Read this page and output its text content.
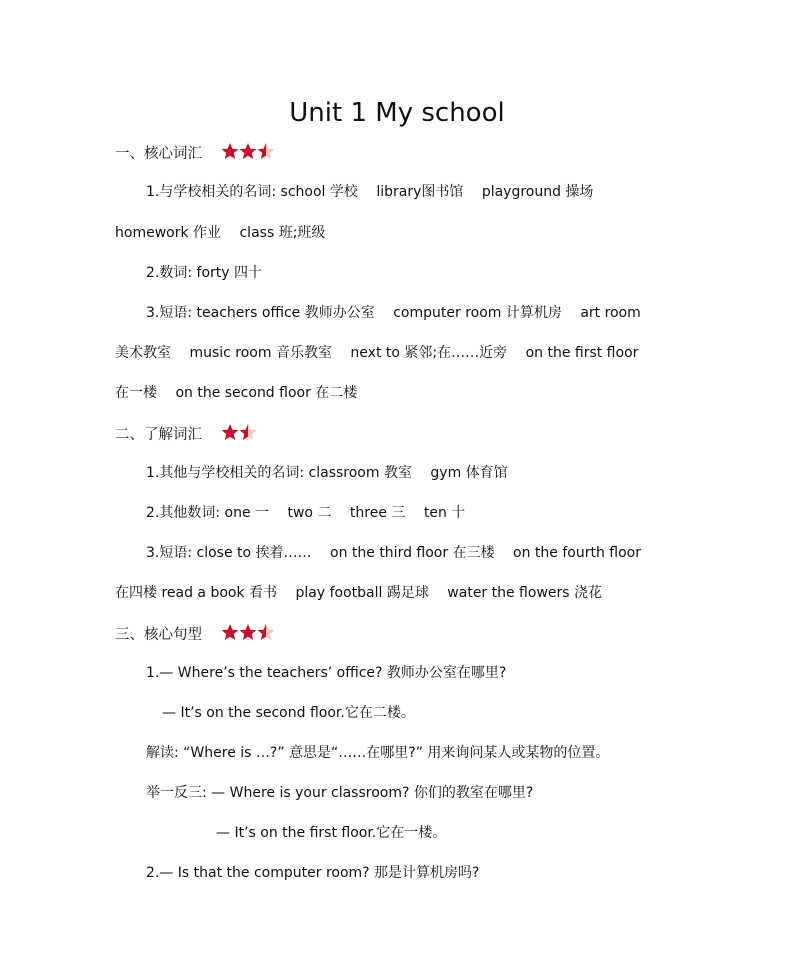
Unit 1 My school
一、核心词汇
1.与学校相关的名词: school 学校 library图书馆 playground 操场
homework 作业 class 班;班级
2.数词: forty 四十
3.短语: teachers office 教师办公室 computer room 计算机房 art room
美术教室 music room 音乐教室 next to 紧邻;在……近旁 on the first floor
在一楼 on the second floor 在二楼
二、了解词汇
1.其他与学校相关的名词: classroom 教室 gym 体育馆
2.其他数词: one 一 two 二 three 三 ten 十
3.短语: close to 挨着…… on the third floor 在三楼 on the fourth floor
在四楼 read a book 看书 play football 踢足球 water the flowers 浇花
三、核心句型
1.— Where’s the teachers’ office? 教师办公室在哪里?
— It’s on the second floor.它在二楼。
解读: “Where is …?” 意思是“……在哪里?” 用来询问某人或某物的位置。
举一反三: — Where is your classroom? 你们的教室在哪里?
— It’s on the first floor.它在一楼。
2.— Is that the computer room? 那是计算机房吗?
